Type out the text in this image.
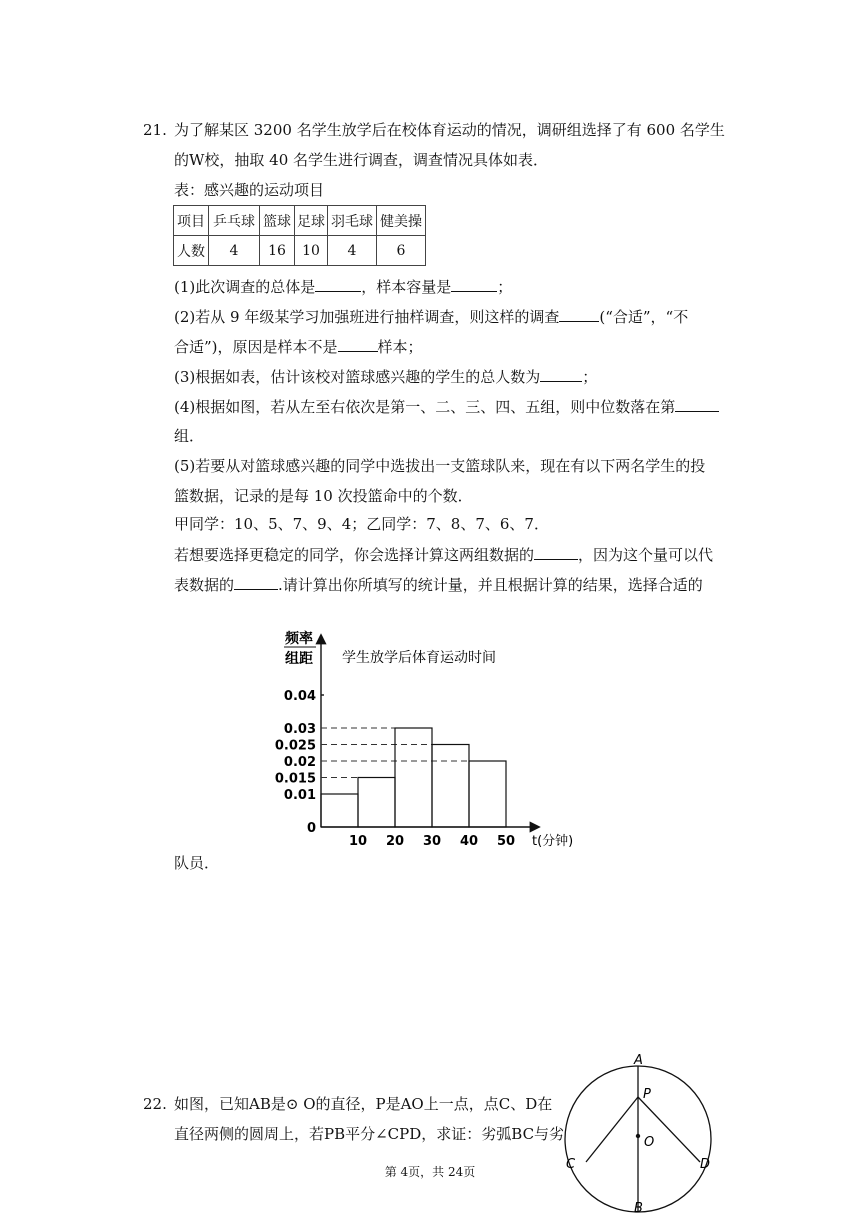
21. 为了解某区 3200 名学生放学后在校体育运动的情况，调研组选择了有 600 名学生
的W校，抽取 40 名学生进行调查，调查情况具体如表．
表：感兴趣的运动项目
项目	乒乓球	篮球	足球	羽毛球	健美操
人数	4	16	10	4	6
(1)此次调查的总体是	，样本容量是	；
(2)若从 9 年级某学习加强班进行抽样调查，则这样的调查	(“合适”，“不
合适”)，原因是样本不是	样本；
(3)根据如表，估计该校对篮球感兴趣的学生的总人数为	；
(4)根据如图，若从左至右依次是第一、二、三、四、五组，则中位数落在第
组．
(5)若要从对篮球感兴趣的同学中选拔出一支篮球队来，现在有以下两名学生的投
篮数据，记录的是每 10 次投篮命中的个数．
甲同学：10、5、7、9、4；乙同学：7、8、7、6、7．
若想要选择更稳定的同学，你会选择计算这两组数据的	，因为这个量可以代
表数据的	.请计算出你所填写的统计量，并且根据计算的结果，选择合适的
频率
组距 学生放学后体育运动时间
t(分钟)
0
0.01
0.015
0.02
0.025
0.03
0.04
10 20 30 40 50
队员．
22. 如图，已知AB是⊙ O的直径，P是AO上一点，点C、D在
直径两侧的圆周上，若PB平分∠CPD，求证：劣弧BC与劣
A
P
O
C	D
B
第 4页，共 24页
